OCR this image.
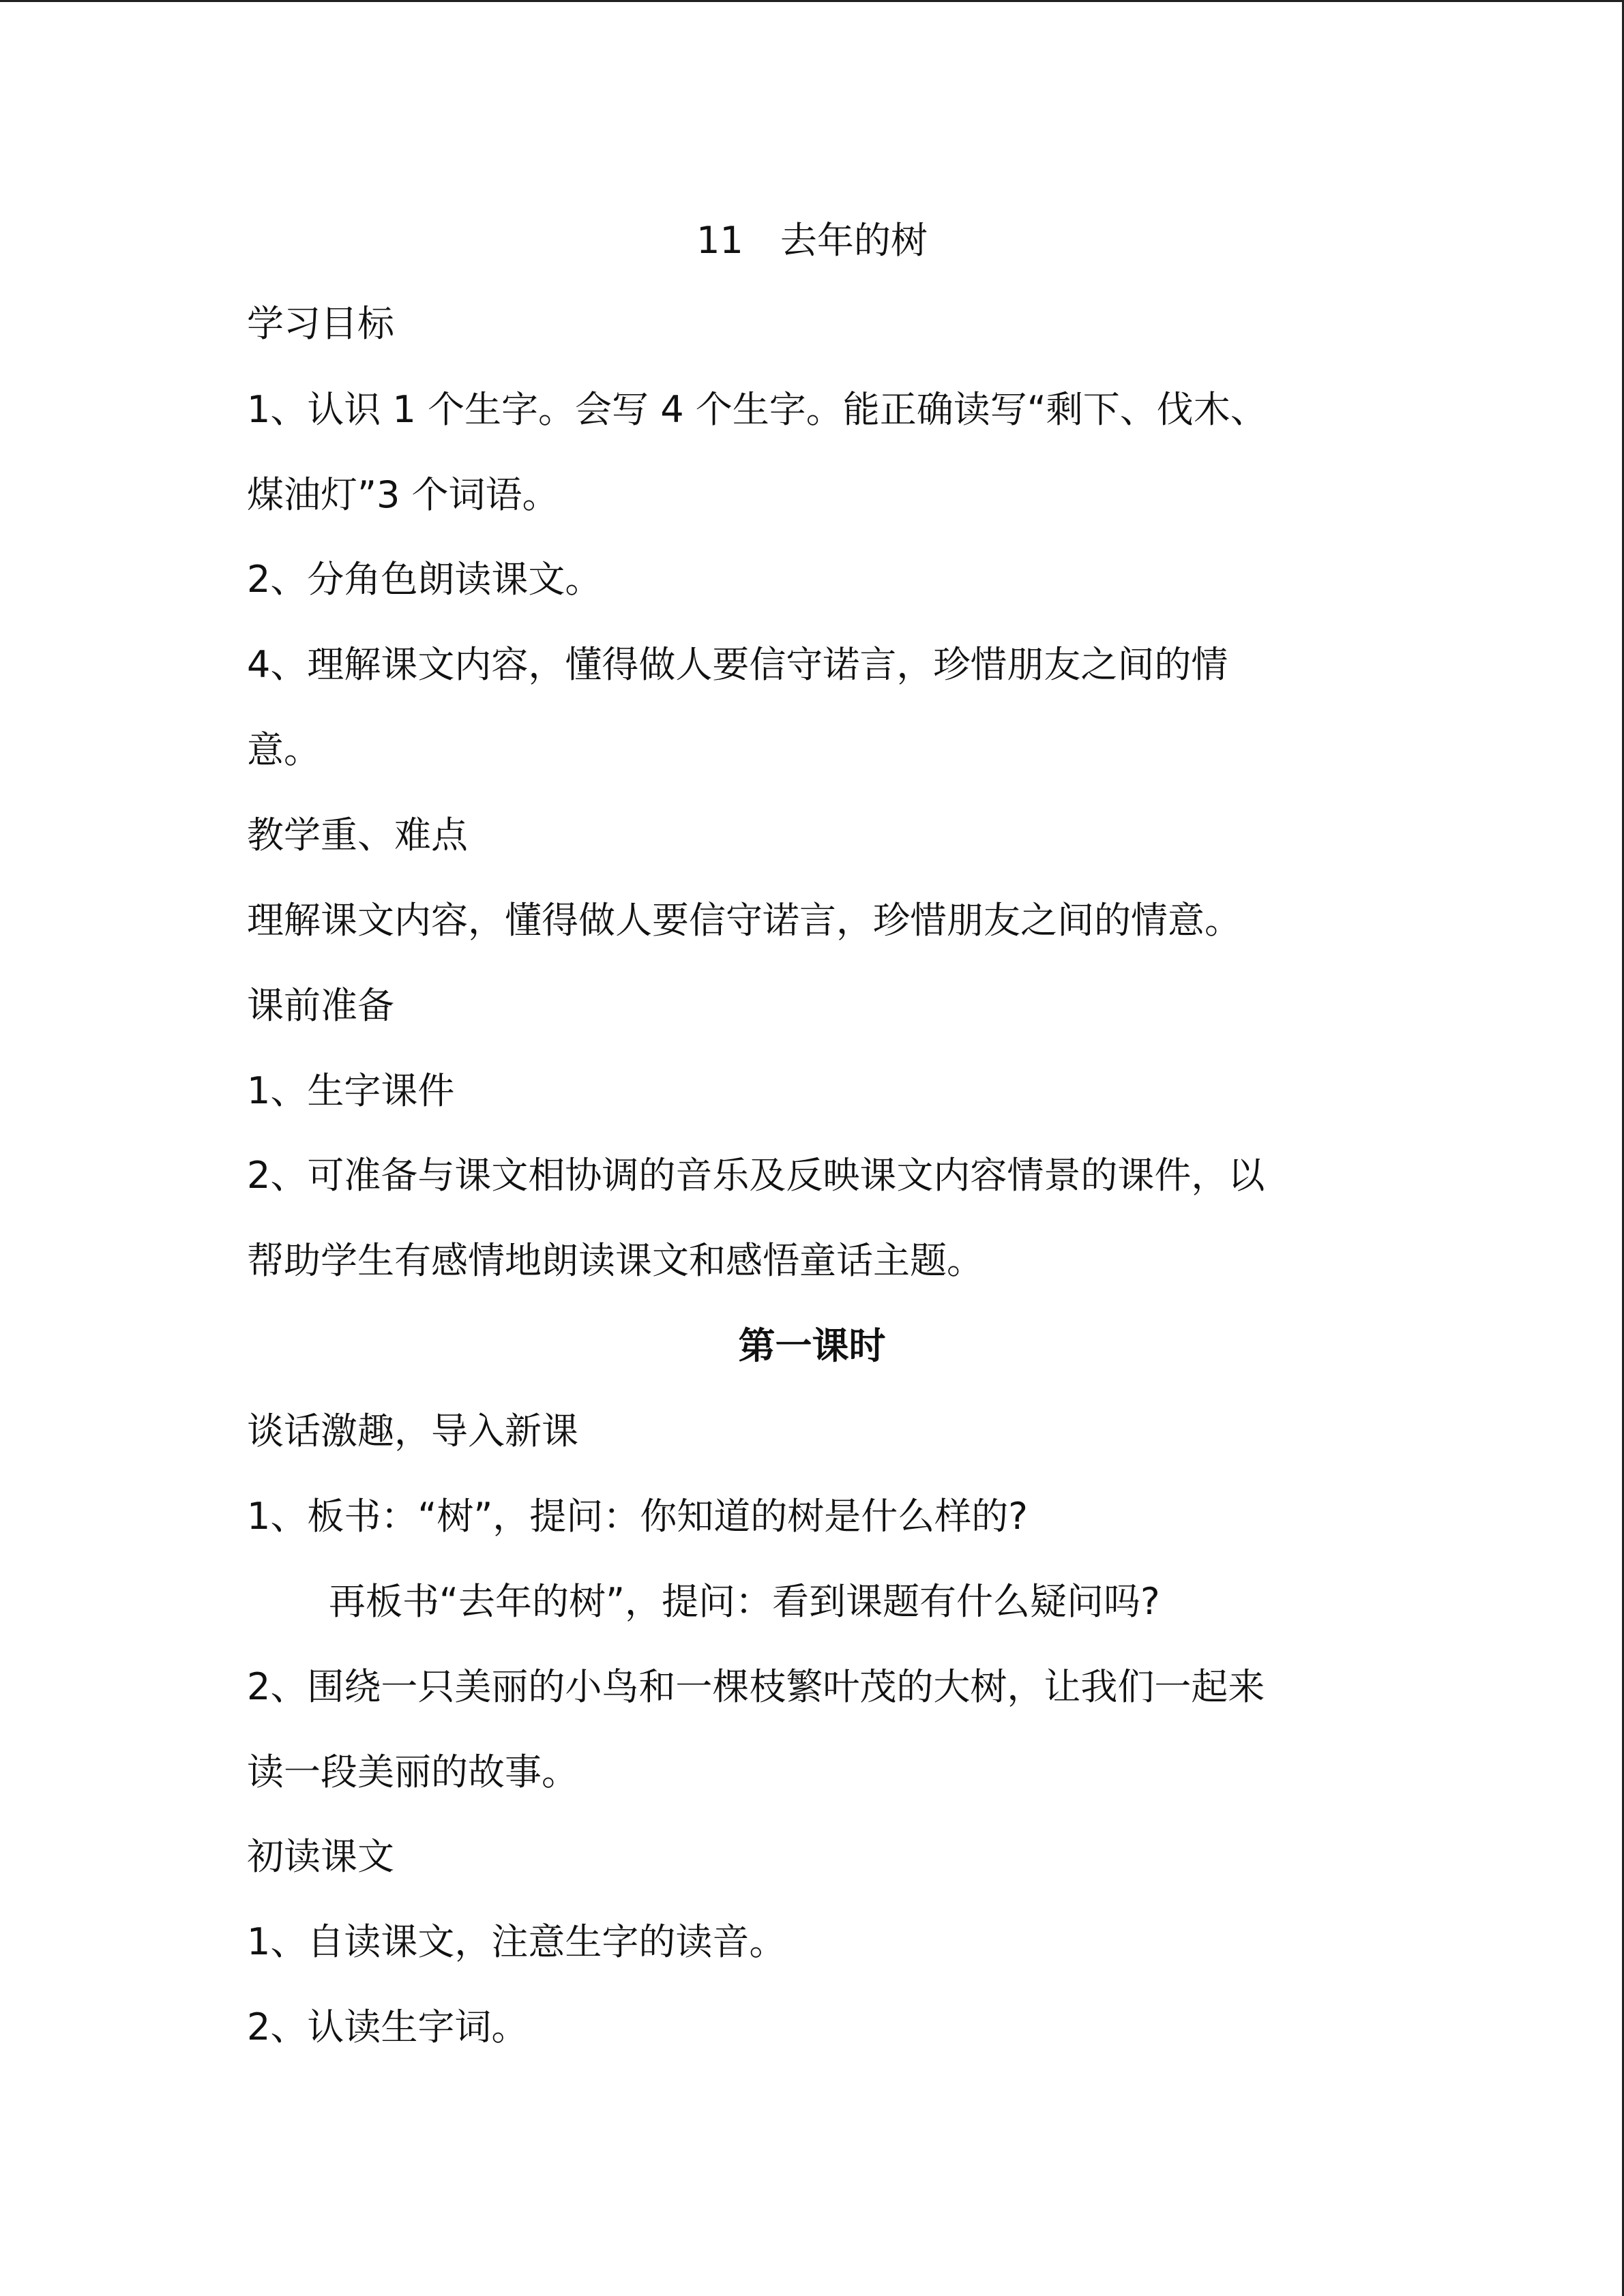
11　去年的树

学习目标

1、认识 1 个生字。会写 4 个生字。能正确读写“剩下、伐木、

煤油灯”3 个词语。

2、分角色朗读课文。

4、理解课文内容，懂得做人要信守诺言，珍惜朋友之间的情

意。

教学重、难点

理解课文内容，懂得做人要信守诺言，珍惜朋友之间的情意。

课前准备

1、生字课件

2、可准备与课文相协调的音乐及反映课文内容情景的课件，以

帮助学生有感情地朗读课文和感悟童话主题。

第一课时

谈话激趣，导入新课

1、板书：“树”，提问：你知道的树是什么样的?

再板书“去年的树”，提问：看到课题有什么疑问吗?

2、围绕一只美丽的小鸟和一棵枝繁叶茂的大树，让我们一起来

读一段美丽的故事。

初读课文

1、自读课文，注意生字的读音。

2、认读生字词。
